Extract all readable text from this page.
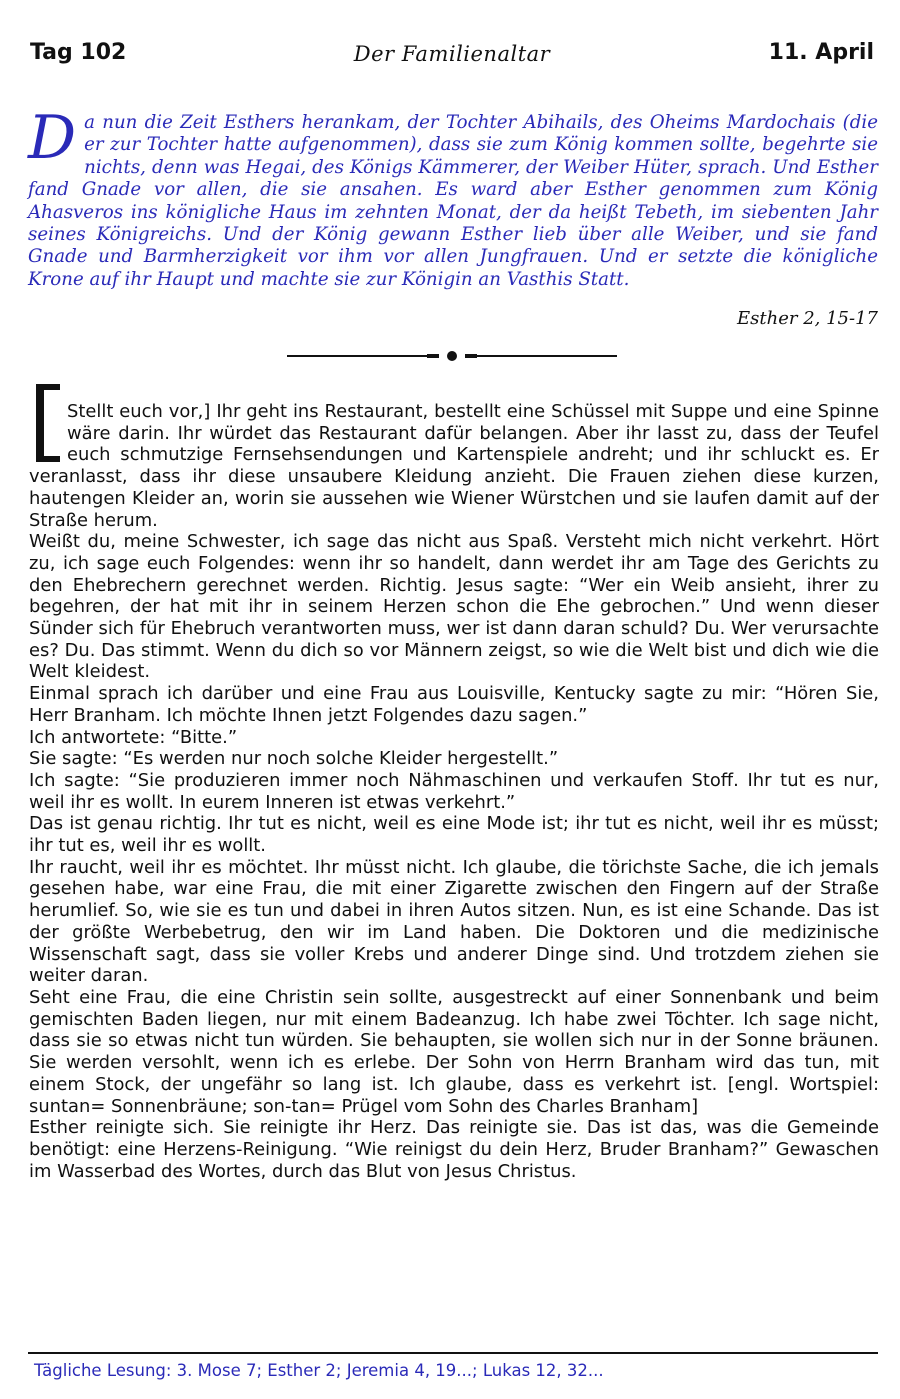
Tag 102	Der Familienaltar	11. April
D a nun die Zeit Esthers herankam, der Tochter Abihails, des Oheims Mardochais (die er zur Tochter hatte aufgenommen), dass sie zum König kommen sollte, begehrte sie nichts, denn was Hegai, des Königs Kämmerer, der Weiber Hüter, sprach. Und Esther fand Gnade vor allen, die sie ansahen. Es ward aber Esther genommen zum König Ahasveros ins königliche Haus im zehnten Monat, der da heißt Tebeth, im siebenten Jahr seines Königreichs. Und der König gewann Esther lieb über alle Weiber, und sie fand Gnade und Barmherzigkeit vor ihm vor allen Jungfrauen. Und er setzte die königliche Krone auf ihr Haupt und machte sie zur Königin an Vasthis Statt.
Esther 2, 15-17

Stellt euch vor,] Ihr geht ins Restaurant, bestellt eine Schüssel mit Suppe und eine Spinne wäre darin. Ihr würdet das Restaurant dafür belangen. Aber ihr lasst zu, dass der Teufel euch schmutzige Fernsehsendungen und Kartenspiele andreht; und ihr schluckt es. Er veranlasst, dass ihr diese unsaubere Kleidung anzieht. Die Frauen ziehen diese kurzen, hautengen Kleider an, worin sie aussehen wie Wiener Würstchen und sie laufen damit auf der Straße herum.

Weißt du, meine Schwester, ich sage das nicht aus Spaß. Versteht mich nicht verkehrt. Hört zu, ich sage euch Folgendes: wenn ihr so handelt, dann werdet ihr am Tage des Gerichts zu den Ehebrechern gerechnet werden. Richtig. Jesus sagte: “Wer ein Weib ansieht, ihrer zu begehren, der hat mit ihr in seinem Herzen schon die Ehe gebrochen.” Und wenn dieser Sünder sich für Ehebruch verantworten muss, wer ist dann daran schuld? Du. Wer verursachte es? Du. Das stimmt. Wenn du dich so vor Männern zeigst, so wie die Welt bist und dich wie die Welt kleidest.

Einmal sprach ich darüber und eine Frau aus Louisville, Kentucky sagte zu mir: “Hören Sie, Herr Branham. Ich möchte Ihnen jetzt Folgendes dazu sagen.”

Ich antwortete: “Bitte.”

Sie sagte: “Es werden nur noch solche Kleider hergestellt.”

Ich sagte: “Sie produzieren immer noch Nähmaschinen und verkaufen Stoff. Ihr tut es nur, weil ihr es wollt. In eurem Inneren ist etwas verkehrt.”

Das ist genau richtig. Ihr tut es nicht, weil es eine Mode ist; ihr tut es nicht, weil ihr es müsst; ihr tut es, weil ihr es wollt.

Ihr raucht, weil ihr es möchtet. Ihr müsst nicht. Ich glaube, die törichste Sache, die ich jemals gesehen habe, war eine Frau, die mit einer Zigarette zwischen den Fingern auf der Straße herumlief. So, wie sie es tun und dabei in ihren Autos sitzen. Nun, es ist eine Schande. Das ist der größte Werbebetrug, den wir im Land haben. Die Doktoren und die medizinische Wissenschaft sagt, dass sie voller Krebs und anderer Dinge sind. Und trotzdem ziehen sie weiter daran.

Seht eine Frau, die eine Christin sein sollte, ausgestreckt auf einer Sonnenbank und beim gemischten Baden liegen, nur mit einem Badeanzug. Ich habe zwei Töchter. Ich sage nicht, dass sie so etwas nicht tun würden. Sie behaupten, sie wollen sich nur in der Sonne bräunen. Sie werden versohlt, wenn ich es erlebe. Der Sohn von Herrn Branham wird das tun, mit einem Stock, der ungefähr so lang ist. Ich glaube, dass es verkehrt ist. [engl. Wortspiel: suntan= Sonnenbräune; son-tan= Prügel vom Sohn des Charles Branham]

Esther reinigte sich. Sie reinigte ihr Herz. Das reinigte sie. Das ist das, was die Gemeinde benötigt: eine Herzens-Reinigung. “Wie reinigst du dein Herz, Bruder Branham?” Gewaschen im Wasserbad des Wortes, durch das Blut von Jesus Christus.

Tägliche Lesung: 3. Mose 7; Esther 2; Jeremia 4, 19...; Lukas 12, 32...
